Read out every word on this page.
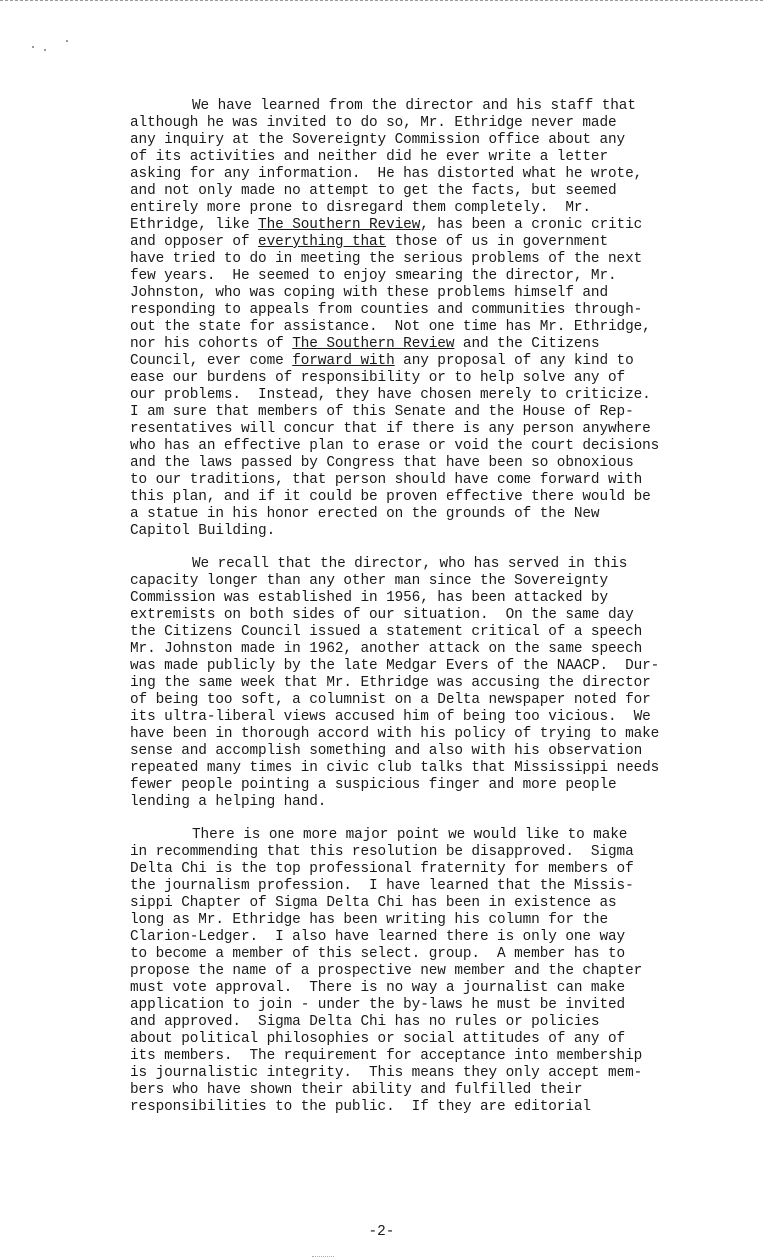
We have learned from the director and his staff that
although he was invited to do so, Mr. Ethridge never made
any inquiry at the Sovereignty Commission office about any
of its activities and neither did he ever write a letter
asking for any information.  He has distorted what he wrote,
and not only made no attempt to get the facts, but seemed
entirely more prone to disregard them completely.  Mr.
Ethridge, like The Southern Review, has been a cronic critic
and opposer of everything that those of us in government
have tried to do in meeting the serious problems of the next
few years.  He seemed to enjoy smearing the director, Mr.
Johnston, who was coping with these problems himself and
responding to appeals from counties and communities through-
out the state for assistance.  Not one time has Mr. Ethridge,
nor his cohorts of The Southern Review and the Citizens
Council, ever come forward with any proposal of any kind to
ease our burdens of responsibility or to help solve any of
our problems.  Instead, they have chosen merely to criticize.
I am sure that members of this Senate and the House of Rep-
resentatives will concur that if there is any person anywhere
who has an effective plan to erase or void the court decisions
and the laws passed by Congress that have been so obnoxious
to our traditions, that person should have come forward with
this plan, and if it could be proven effective there would be
a statue in his honor erected on the grounds of the New
Capitol Building.
We recall that the director, who has served in this
capacity longer than any other man since the Sovereignty
Commission was established in 1956, has been attacked by
extremists on both sides of our situation.  On the same day
the Citizens Council issued a statement critical of a speech
Mr. Johnston made in 1962, another attack on the same speech
was made publicly by the late Medgar Evers of the NAACP.  Dur-
ing the same week that Mr. Ethridge was accusing the director
of being too soft, a columnist on a Delta newspaper noted for
its ultra-liberal views accused him of being too vicious.  We
have been in thorough accord with his policy of trying to make
sense and accomplish something and also with his observation
repeated many times in civic club talks that Mississippi needs
fewer people pointing a suspicious finger and more people
lending a helping hand.
There is one more major point we would like to make
in recommending that this resolution be disapproved.  Sigma
Delta Chi is the top professional fraternity for members of
the journalism profession.  I have learned that the Missis-
sippi Chapter of Sigma Delta Chi has been in existence as
long as Mr. Ethridge has been writing his column for the
Clarion-Ledger.  I also have learned there is only one way
to become a member of this select. group.  A member has to
propose the name of a prospective new member and the chapter
must vote approval.  There is no way a journalist can make
application to join - under the by-laws he must be invited
and approved.  Sigma Delta Chi has no rules or policies
about political philosophies or social attitudes of any of
its members.  The requirement for acceptance into membership
is journalistic integrity.  This means they only accept mem-
bers who have shown their ability and fulfilled their
responsibilities to the public.  If they are editorial
-2-
